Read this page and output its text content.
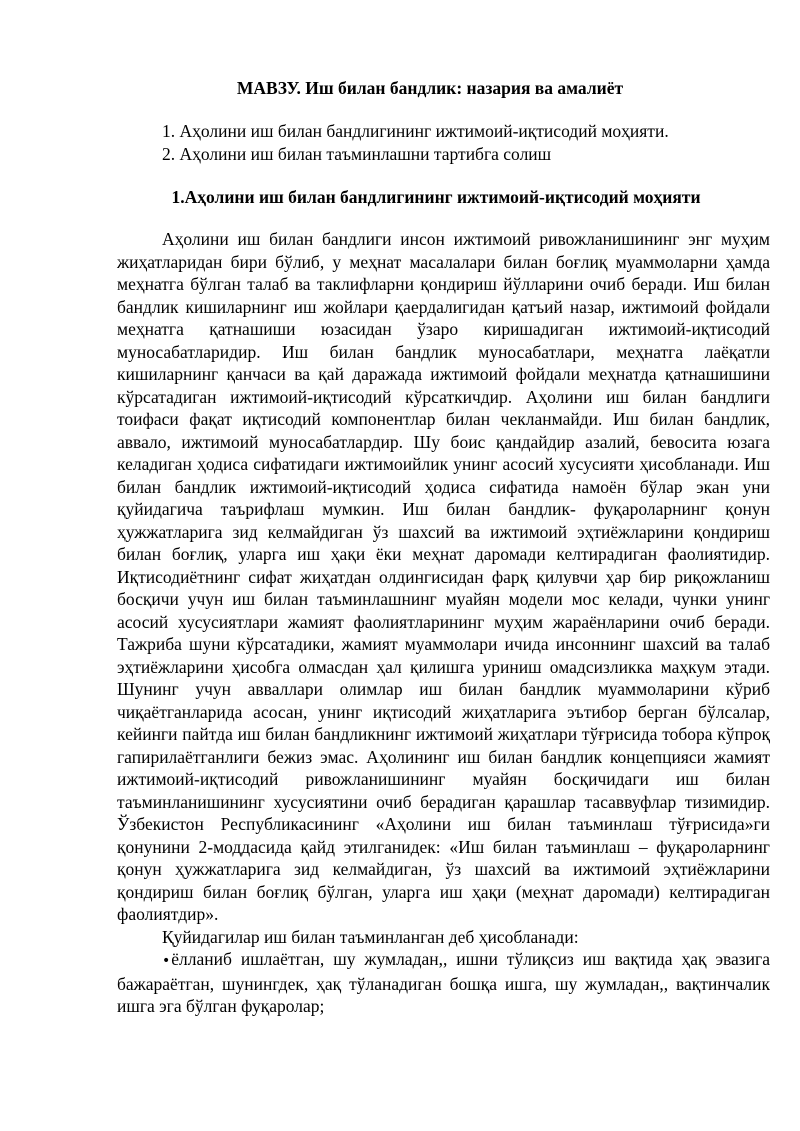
МАВЗУ. Иш билан бандлик: назария ва амалиёт
1. Аҳолини иш билан бандлигининг ижтимоий-иқтисодий моҳияти.
2. Аҳолини иш билан таъминлашни тартибга солиш
1.Аҳолини иш билан бандлигининг ижтимоий-иқтисодий моҳияти

Аҳолини иш билан бандлиги инсон ижтимоий ривожланишининг энг муҳим жиҳатларидан бири бўлиб, у меҳнат масалалари билан боғлиқ муаммоларни ҳамда меҳнатга бўлган талаб ва таклифларни қондириш йўлларини очиб беради. Иш билан бандлик кишиларнинг иш жойлари қаердалигидан қатъий назар, ижтимоий фойдали меҳнатга қатнашиши юзасидан ўзаро киришадиган ижтимоий-иқтисодий муносабатларидир. Иш билан бандлик муносабатлари, меҳнатга лаёқатли кишиларнинг қанчаси ва қай даражада ижтимоий фойдали меҳнатда қатнашишини кўрсатадиган ижтимоий-иқтисодий кўрсаткичдир. Аҳолини иш билан бандлиги тоифаси фақат иқтисодий компонентлар билан чекланмайди. Иш билан бандлик, аввало, ижтимоий муносабатлардир. Шу боис қандайдир азалий, бевосита юзага келадиган ҳодиса сифатидаги ижтимоийлик унинг асосий хусусияти ҳисобланади. Иш билан бандлик ижтимоий-иқтисодий ҳодиса сифатида намоён бўлар экан уни қуйидагича таърифлаш мумкин. Иш билан бандлик- фуқароларнинг қонун ҳужжатларига зид келмайдиган ўз шахсий ва ижтимоий эҳтиёжларини қондириш билан боғлиқ, уларга иш ҳақи ёки меҳнат даромади келтирадиган фаолиятидир. Иқтисодиётнинг сифат жиҳатдан олдингисидан фарқ қилувчи ҳар бир риқожланиш босқичи учун иш билан таъминлашнинг муайян модели мос келади, чунки унинг асосий хусусиятлари жамият фаолиятларининг муҳим жараёнларини очиб беради. Тажриба шуни кўрсатадики, жамият муаммолари ичида инсоннинг шахсий ва талаб эҳтиёжларини ҳисобга олмасдан ҳал қилишга уриниш омадсизликка маҳкум этади. Шунинг учун авваллари олимлар иш билан бандлик муаммоларини кўриб чиқаётганларида асосан, унинг иқтисодий жиҳатларига эътибор берган бўлсалар, кейинги пайтда иш билан бандликнинг ижтимоий жиҳатлари тўғрисида тобора кўпроқ гапирилаётганлиги бежиз эмас. Аҳолининг иш билан бандлик концепцияси жамият ижтимоий-иқтисодий ривожланишининг муайян босқичидаги иш билан таъминланишининг хусусиятини очиб берадиган қарашлар тасаввуфлар тизимидир. Ўзбекистон Республикасининг «Аҳолини иш билан таъминлаш тўғрисида»ги қонунини 2-моддасида қайд этилганидек: «Иш билан таъминлаш – фуқароларнинг қонун ҳужжатларига зид келмайдиган, ўз шахсий ва ижтимоий эҳтиёжларини қондириш билан боғлиқ бўлган, уларга иш ҳақи (меҳнат даромади) келтирадиган фаолиятдир».

Қуйидагилар иш билан таъминланган деб ҳисобланади:

•ёлланиб ишлаётган, шу жумладан,, ишни тўлиқсиз иш вақтида ҳақ эвазига бажараётган, шунингдек, ҳақ тўланадиган бошқа ишга, шу жумладан,, вақтинчалик ишга эга бўлган фуқаролар;
